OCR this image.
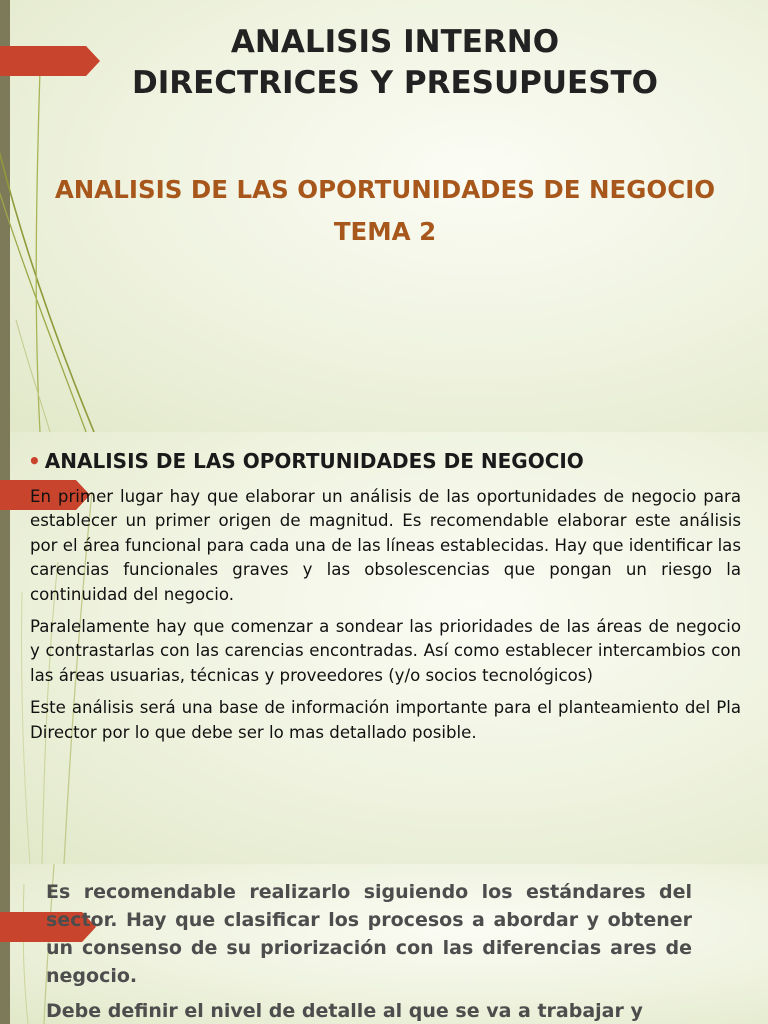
ANALISIS INTERNO
DIRECTRICES Y PRESUPUESTO
ANALISIS DE LAS OPORTUNIDADES DE NEGOCIO
TEMA 2
• ANALISIS DE LAS OPORTUNIDADES DE NEGOCIO

En primer lugar hay que elaborar un análisis de las oportunidades de negocio para establecer un primer origen de magnitud. Es recomendable elaborar este análisis por el área funcional para cada una de las líneas establecidas. Hay que identificar las carencias funcionales graves y las obsolescencias que pongan un riesgo la continuidad del negocio.

Paralelamente hay que comenzar a sondear las prioridades de las áreas de negocio y contrastarlas con las carencias encontradas. Así como establecer intercambios con las áreas usuarias, técnicas y proveedores (y/o socios tecnológicos)

Este análisis será una base de información importante para el planteamiento del Pla Director por lo que debe ser lo mas detallado posible.

Es recomendable realizarlo siguiendo los estándares del sector. Hay que clasificar los procesos a abordar y obtener un consenso de su priorización con las diferencias ares de negocio.

Debe definir el nivel de detalle al que se va a trabajar y
